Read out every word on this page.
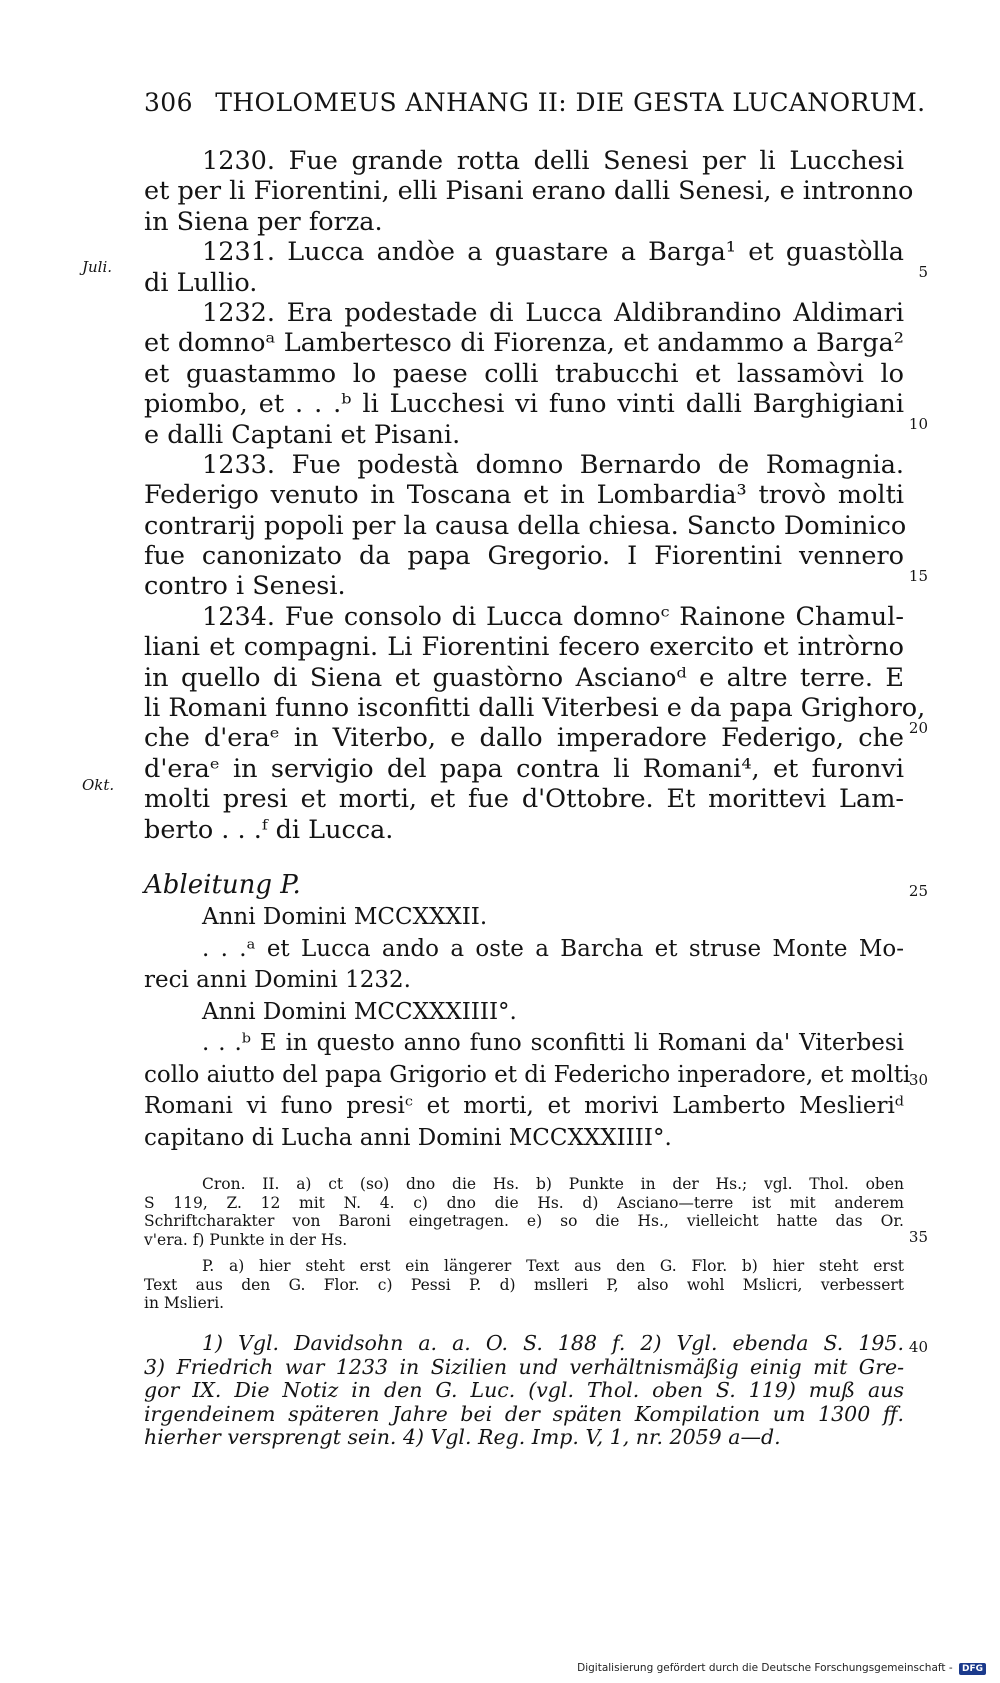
306 THOLOMEUS ANHANG II: DIE GESTA LUCANORUM.
1230. Fue grande rotta delli Senesi per li Lucchesi
et per li Fiorentini, elli Pisani erano dalli Senesi, e intronno
in Siena per forza.
1231. Lucca andòe a guastare a Barga¹ et guastòlla
di Lullio.
1232. Era podestade di Lucca Aldibrandino Aldimari
et domnoᵃ Lambertesco di Fiorenza, et andammo a Barga²
et guastammo lo paese colli trabucchi et lassamòvi lo
piombo, et . . .ᵇ li Lucchesi vi funo vinti dalli Barghigiani
e dalli Captani et Pisani.
1233. Fue podestà domno Bernardo de Romagnia.
Federigo venuto in Toscana et in Lombardia³ trovò molti
contrarij popoli per la causa della chiesa. Sancto Dominico
fue canonizato da papa Gregorio. I Fiorentini vennero
contro i Senesi.
1234. Fue consolo di Lucca domnoᶜ Rainone Chamul-
liani et compagni. Li Fiorentini fecero exercito et intròrno
in quello di Siena et guastòrno Ascianoᵈ e altre terre. E
li Romani funno isconfitti dalli Viterbesi e da papa Grighoro,
che d'eraᵉ in Viterbo, e dallo imperadore Federigo, che
d'eraᵉ in servigio del papa contra li Romani⁴, et furonvi
molti presi et morti, et fue d'Ottobre. Et morittevi Lam-
berto . . .ᶠ di Lucca.
Juli.
Okt.
Ableitung P.
Anni Domini MCCXXXII.
. . .ᵃ et Lucca ando a oste a Barcha et struse Monte Mo-
reci anni Domini 1232.
Anni Domini MCCXXXIIII°.
. . .ᵇ E in questo anno funo sconfitti li Romani da' Viterbesi
collo aiutto del papa Grigorio et di Federicho inperadore, et molti
Romani vi funo presiᶜ et morti, et morivi Lamberto Meslieriᵈ
capitano di Lucha anni Domini MCCXXXIIII°.
Cron. II. a) ct (so) dno die Hs. b) Punkte in der Hs.; vgl. Thol. oben
S 119, Z. 12 mit N. 4. c) dno die Hs. d) Asciano—terre ist mit anderem
Schriftcharakter von Baroni eingetragen. e) so die Hs., vielleicht hatte das Or.
v'era. f) Punkte in der Hs.
P. a) hier steht erst ein längerer Text aus den G. Flor. b) hier steht erst
Text aus den G. Flor. c) Pessi P. d) mslleri P, also wohl Mslicri, verbessert
in Mslieri.
1) Vgl. Davidsohn a. a. O. S. 188 f. 2) Vgl. ebenda S. 195.
3) Friedrich war 1233 in Sizilien und verhältnismäßig einig mit Gre-
gor IX. Die Notiz in den G. Luc. (vgl. Thol. oben S. 119) muß aus
irgendeinem späteren Jahre bei der späten Kompilation um 1300 ff.
hierher versprengt sein. 4) Vgl. Reg. Imp. V, 1, nr. 2059 a—d.
5
10
15
20
25
30
35
40
Digitalisierung gefördert durch die Deutsche Forschungsgemeinschaft - DFG
